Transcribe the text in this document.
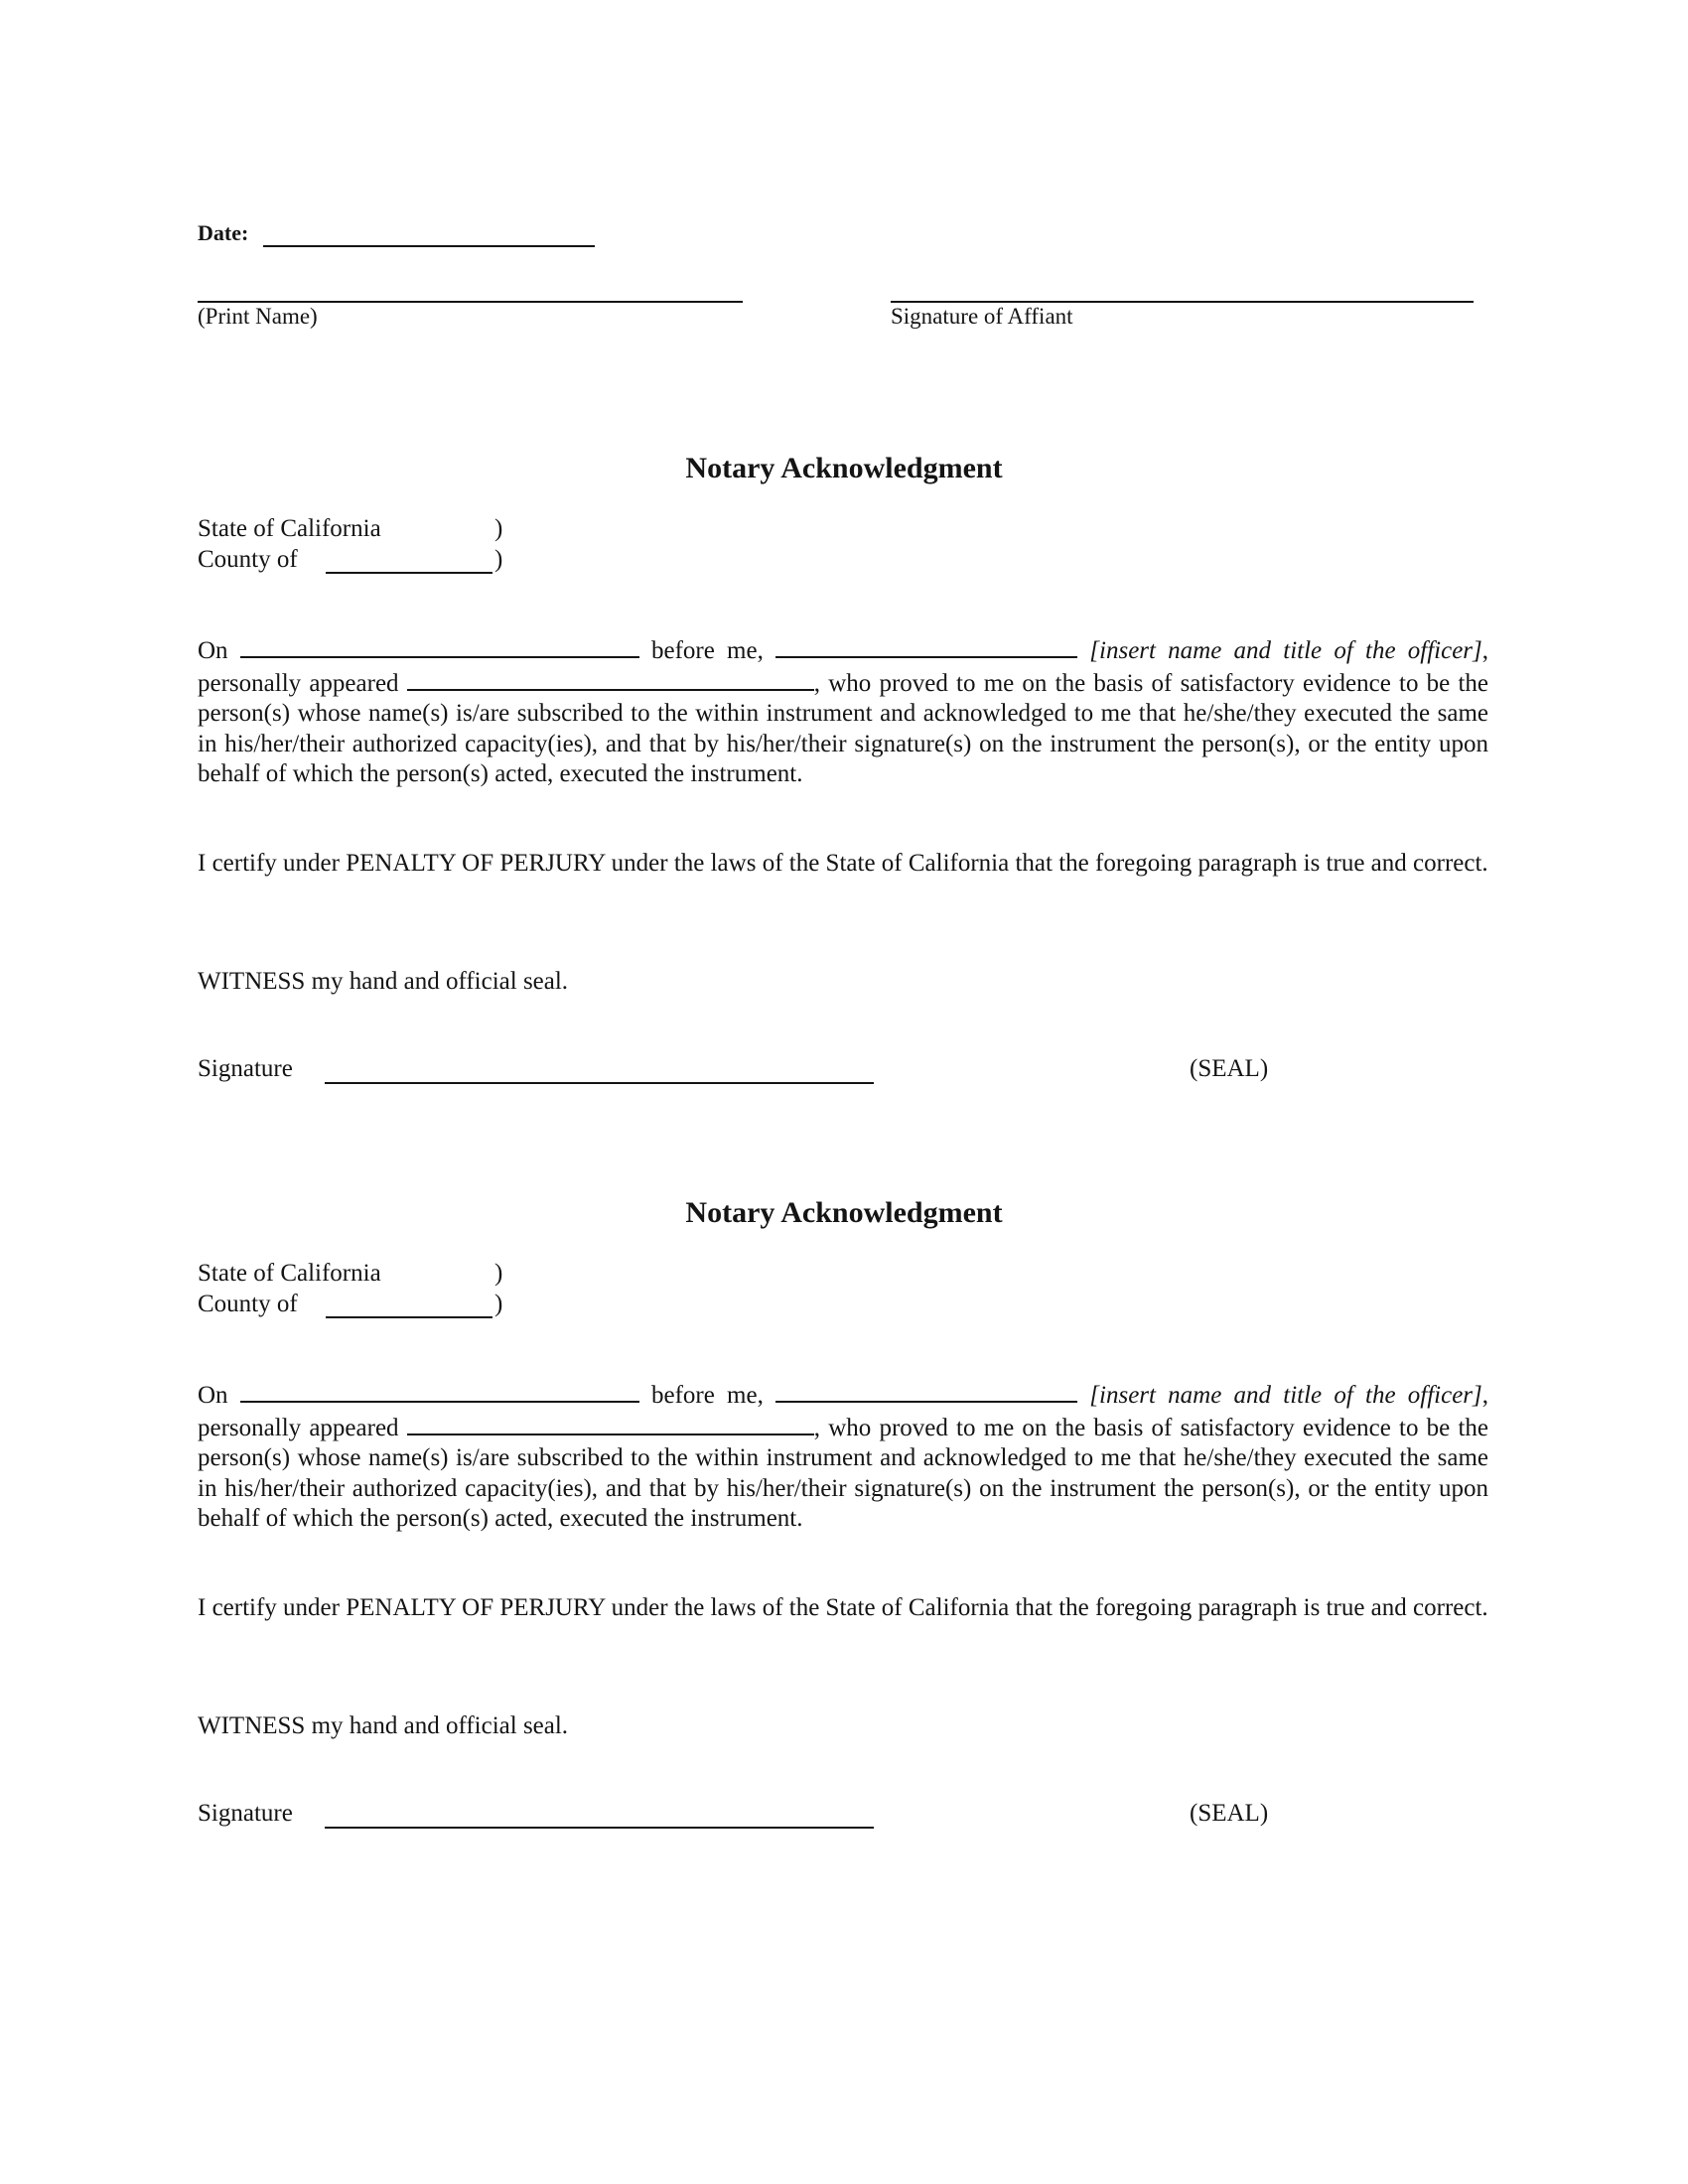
Date:
(Print Name)	Signature of Affiant
Notary Acknowledgment
State of California	)
County of	)

On	before me,	[insert name and title of the officer], personally appeared	, who proved to me on the basis of satisfactory evidence to be the person(s) whose name(s) is/are subscribed to the within instrument and acknowledged to me that he/she/they executed the same in his/her/their authorized capacity(ies), and that by his/her/their signature(s) on the instrument the person(s), or the entity upon behalf of which the person(s) acted, executed the instrument.

I certify under PENALTY OF PERJURY under the laws of the State of California that the foregoing paragraph is true and correct.

WITNESS my hand and official seal.
Signature	(SEAL)
Notary Acknowledgment
State of California	)
County of	)

On	before me,	[insert name and title of the officer], personally appeared	, who proved to me on the basis of satisfactory evidence to be the person(s) whose name(s) is/are subscribed to the within instrument and acknowledged to me that he/she/they executed the same in his/her/their authorized capacity(ies), and that by his/her/their signature(s) on the instrument the person(s), or the entity upon behalf of which the person(s) acted, executed the instrument.

I certify under PENALTY OF PERJURY under the laws of the State of California that the foregoing paragraph is true and correct.

WITNESS my hand and official seal.
Signature	(SEAL)
